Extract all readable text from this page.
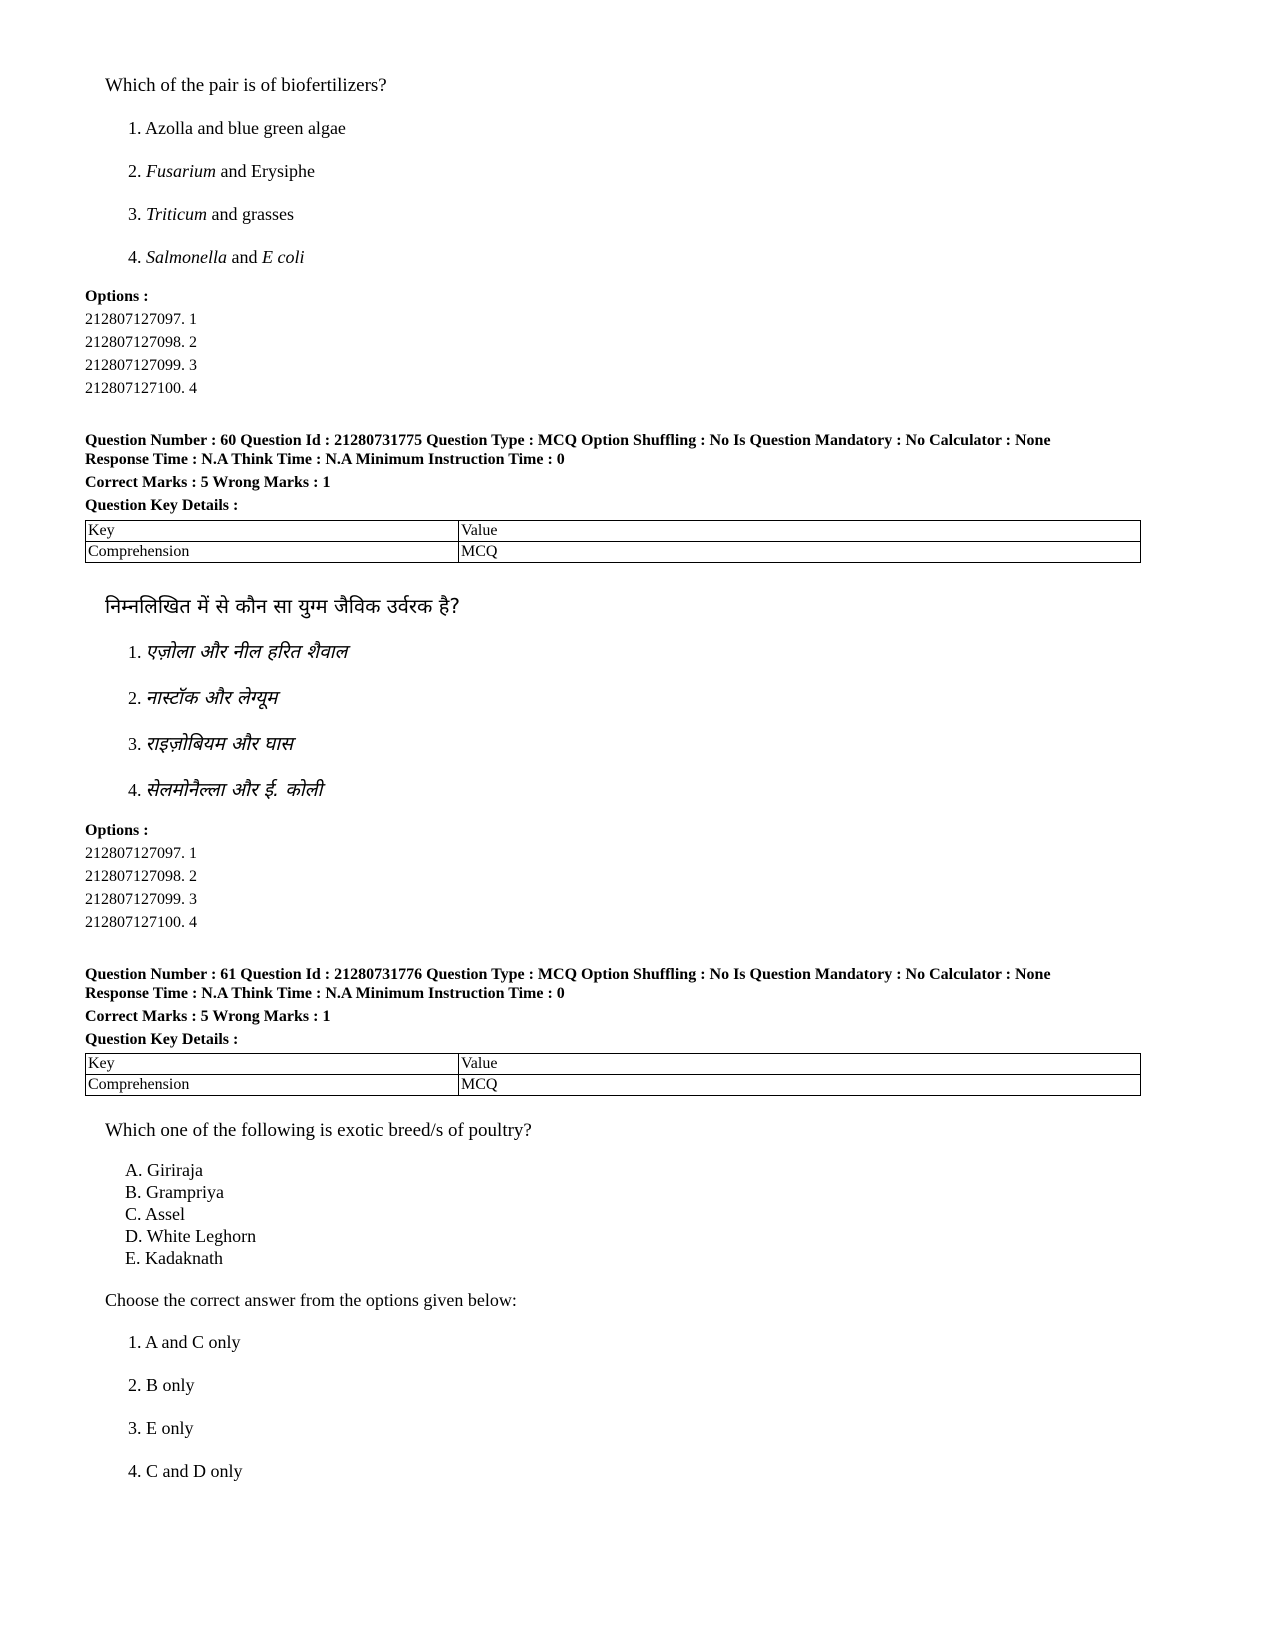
Which of the pair is of biofertilizers?
1. Azolla and blue green algae
2. Fusarium and Erysiphe
3. Triticum and grasses
4. Salmonella and E coli
Options :
212807127097. 1
212807127098. 2
212807127099. 3
212807127100. 4
Question Number : 60 Question Id : 21280731775 Question Type : MCQ Option Shuffling : No Is Question Mandatory : No Calculator : None
Response Time : N.A Think Time : N.A Minimum Instruction Time : 0
Correct Marks : 5 Wrong Marks : 1
Question Key Details :
Key	Value
Comprehension	MCQ
निम्नलिखित में से कौन सा युग्म जैविक उर्वरक है?
1. एज़ोला और नील हरित शैवाल
2. नास्टॉक और लेग्यूम
3. राइज़ोबियम और घास
4. सेलमोनैल्ला और ई. कोली
Options :
212807127097. 1
212807127098. 2
212807127099. 3
212807127100. 4
Question Number : 61 Question Id : 21280731776 Question Type : MCQ Option Shuffling : No Is Question Mandatory : No Calculator : None
Response Time : N.A Think Time : N.A Minimum Instruction Time : 0
Correct Marks : 5 Wrong Marks : 1
Question Key Details :
Key	Value
Comprehension	MCQ
Which one of the following is exotic breed/s of poultry?
A. Giriraja
B. Grampriya
C. Assel
D. White Leghorn
E. Kadaknath
Choose the correct answer from the options given below:
1. A and C only
2. B only
3. E only
4. C and D only
